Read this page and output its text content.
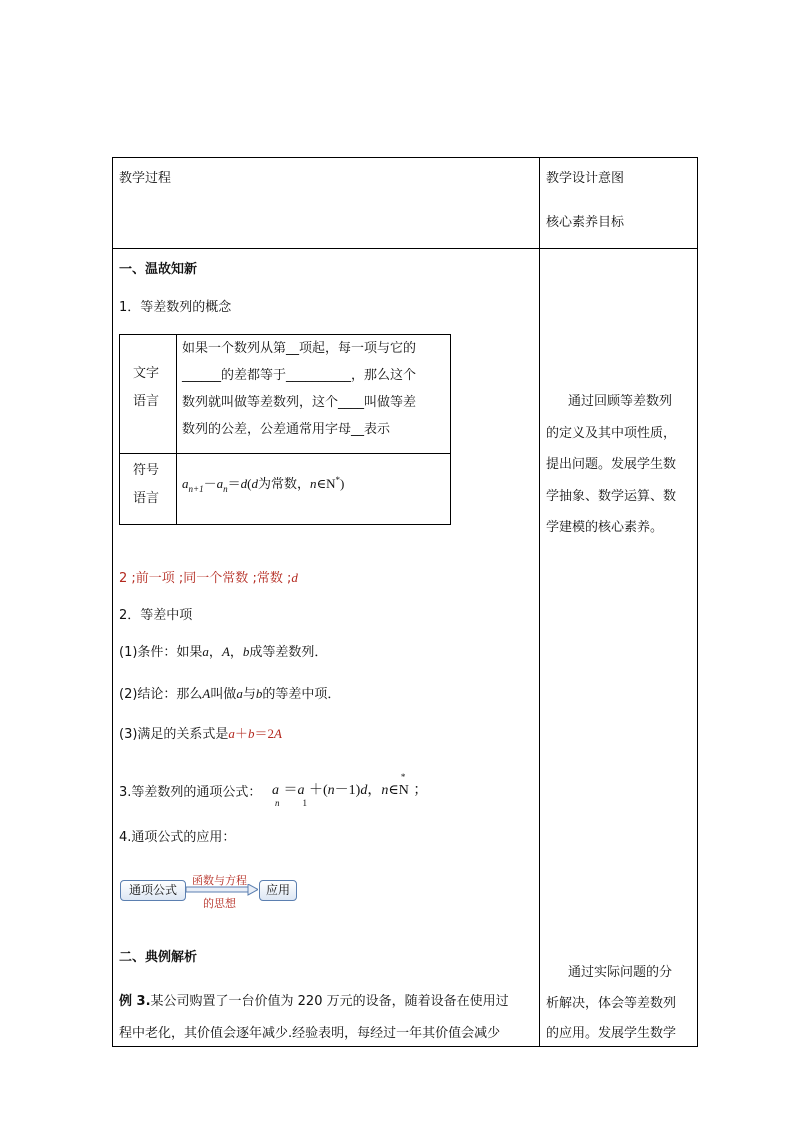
教学过程	教学设计意图
核心素养目标
一、温故知新
1．等差数列的概念
文字
语言
如果一个数列从第__项起，每一项与它的
______的差都等于__________，那么这个
数列就叫做等差数列，这个____叫做等差
数列的公差，公差通常用字母__表示
符号
语言
$a_{n+1}-a_n=d(d$为常数，n∈N*)
2 ;前一项 ;同一个常数 ;常数 ;d
2．等差中项
(1)条件：如果a，A，b成等差数列．
(2)结论：那么A叫做a与b的等差中项．
(3)满足的关系式是a＋b＝2A
3.等差数列的通项公式： $a_n=a_1+(n-1)d$，n∈N*；
4.通项公式的应用：
通项公式
函数与方程
的思想
应用
通过回顾等差数列
的定义及其中项性质，
提出问题。发展学生数
学抽象、数学运算、数
学建模的核心素养。
二、典例解析
例 3.某公司购置了一台价值为 220 万元的设备，随着设备在使用过
程中老化，其价值会逐年减少.经验表明，每经过一年其价值会减少
通过实际问题的分
析解决，体会等差数列
的应用。发展学生数学
